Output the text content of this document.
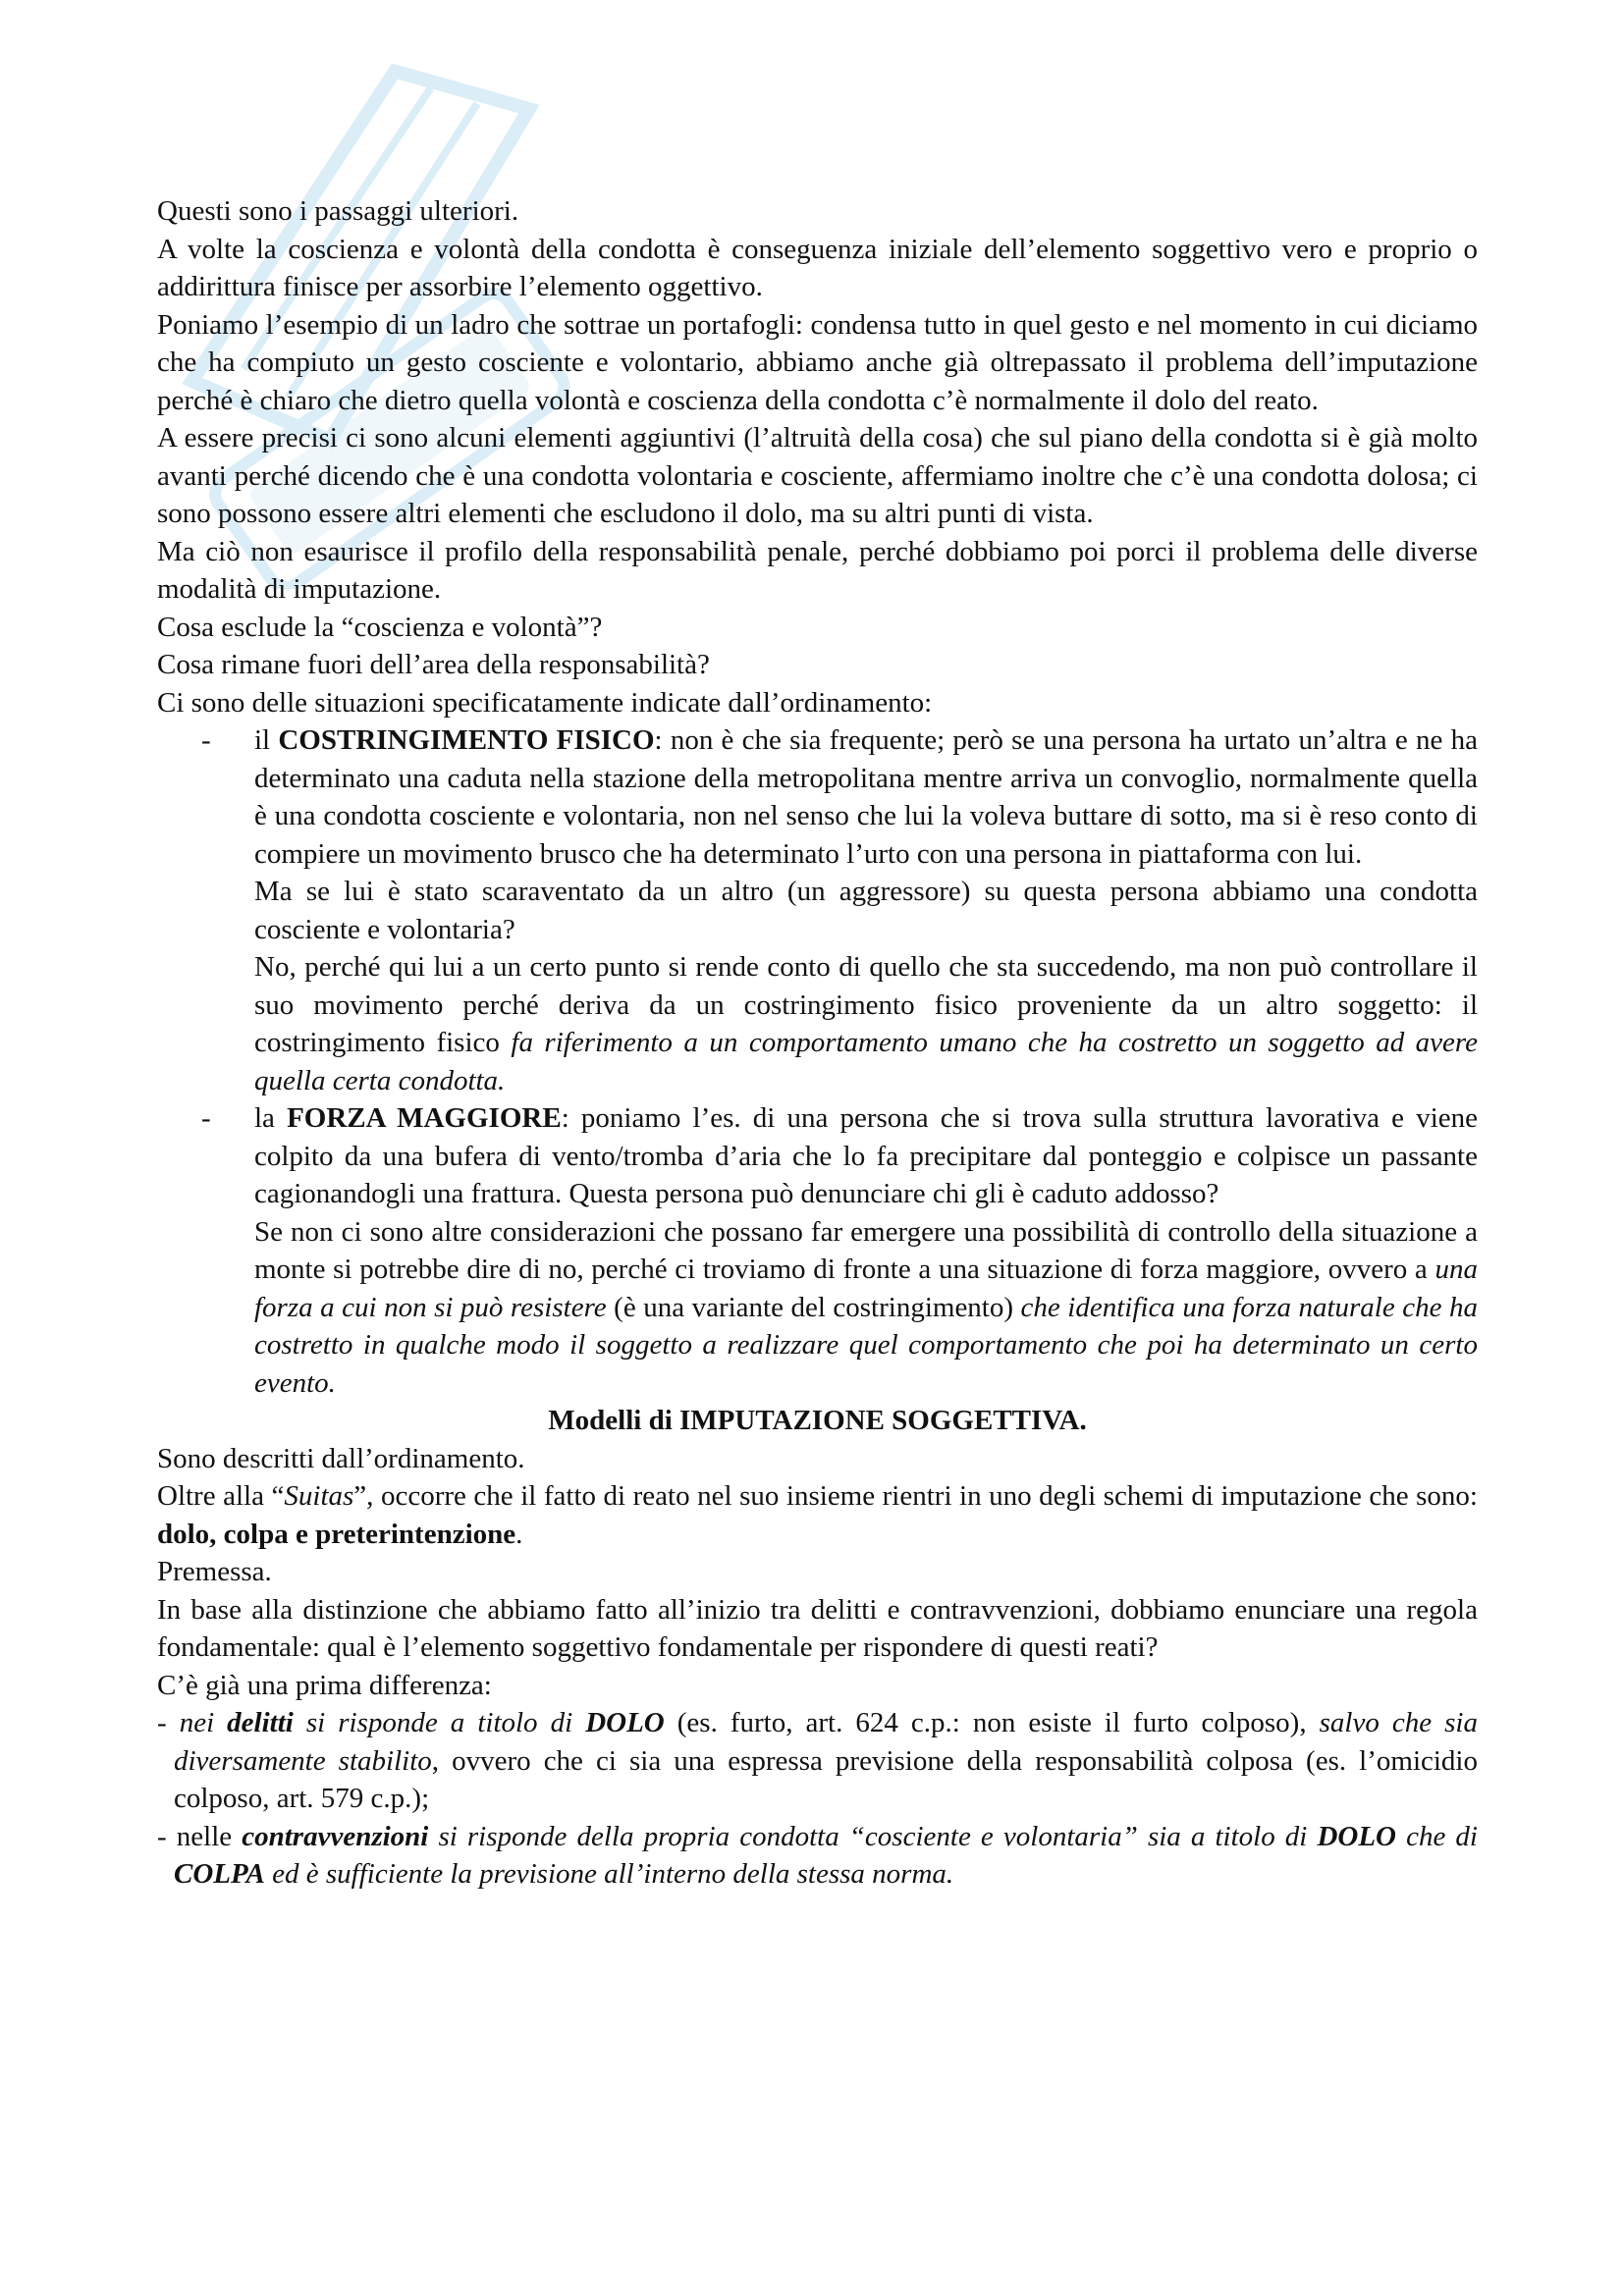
Questi sono i passaggi ulteriori.

A volte la coscienza e volontà della condotta è conseguenza iniziale dell’elemento soggettivo vero e proprio o addirittura finisce per assorbire l’elemento oggettivo.

Poniamo l’esempio di un ladro che sottrae un portafogli: condensa tutto in quel gesto e nel momento in cui diciamo che ha compiuto un gesto cosciente e volontario, abbiamo anche già oltrepassato il problema dell’imputazione perché è chiaro che dietro quella volontà e coscienza della condotta c’è normalmente il dolo del reato.

A essere precisi ci sono alcuni elementi aggiuntivi (l’altruità della cosa) che sul piano della condotta si è già molto avanti perché dicendo che è una condotta volontaria e cosciente, affermiamo inoltre che c’è una condotta dolosa; ci sono possono essere altri elementi che escludono il dolo, ma su altri punti di vista.

Ma ciò non esaurisce il profilo della responsabilità penale, perché dobbiamo poi porci il problema delle diverse modalità di imputazione.

Cosa esclude la “coscienza e volontà”?

Cosa rimane fuori dell’area della responsabilità?

Ci sono delle situazioni specificatamente indicate dall’ordinamento:

- il COSTRINGIMENTO FISICO: non è che sia frequente; però se una persona ha urtato un’altra e ne ha determinato una caduta nella stazione della metropolitana mentre arriva un convoglio, normalmente quella è una condotta cosciente e volontaria, non nel senso che lui la voleva buttare di sotto, ma si è reso conto di compiere un movimento brusco che ha determinato l’urto con una persona in piattaforma con lui.

Ma se lui è stato scaraventato da un altro (un aggressore) su questa persona abbiamo una condotta cosciente e volontaria?

No, perché qui lui a un certo punto si rende conto di quello che sta succedendo, ma non può controllare il suo movimento perché deriva da un costringimento fisico proveniente da un altro soggetto: il costringimento fisico fa riferimento a un comportamento umano che ha costretto un soggetto ad avere quella certa condotta.

- la FORZA MAGGIORE: poniamo l’es. di una persona che si trova sulla struttura lavorativa e viene colpito da una bufera di vento/tromba d’aria che lo fa precipitare dal ponteggio e colpisce un passante cagionandogli una frattura. Questa persona può denunciare chi gli è caduto addosso?

Se non ci sono altre considerazioni che possano far emergere una possibilità di controllo della situazione a monte si potrebbe dire di no, perché ci troviamo di fronte a una situazione di forza maggiore, ovvero a una forza a cui non si può resistere (è una variante del costringimento) che identifica una forza naturale che ha costretto in qualche modo il soggetto a realizzare quel comportamento che poi ha determinato un certo evento.

Modelli di IMPUTAZIONE SOGGETTIVA.

Sono descritti dall’ordinamento.

Oltre alla “Suitas”, occorre che il fatto di reato nel suo insieme rientri in uno degli schemi di imputazione che sono: dolo, colpa e preterintenzione.

Premessa.

In base alla distinzione che abbiamo fatto all’inizio tra delitti e contravvenzioni, dobbiamo enunciare una regola fondamentale: qual è l’elemento soggettivo fondamentale per rispondere di questi reati?

C’è già una prima differenza:

- nei delitti si risponde a titolo di DOLO (es. furto, art. 624 c.p.: non esiste il furto colposo), salvo che sia diversamente stabilito, ovvero che ci sia una espressa previsione della responsabilità colposa (es. l’omicidio colposo, art. 579 c.p.);

- nelle contravvenzioni si risponde della propria condotta “cosciente e volontaria” sia a titolo di DOLO che di COLPA ed è sufficiente la previsione all’interno della stessa norma.
